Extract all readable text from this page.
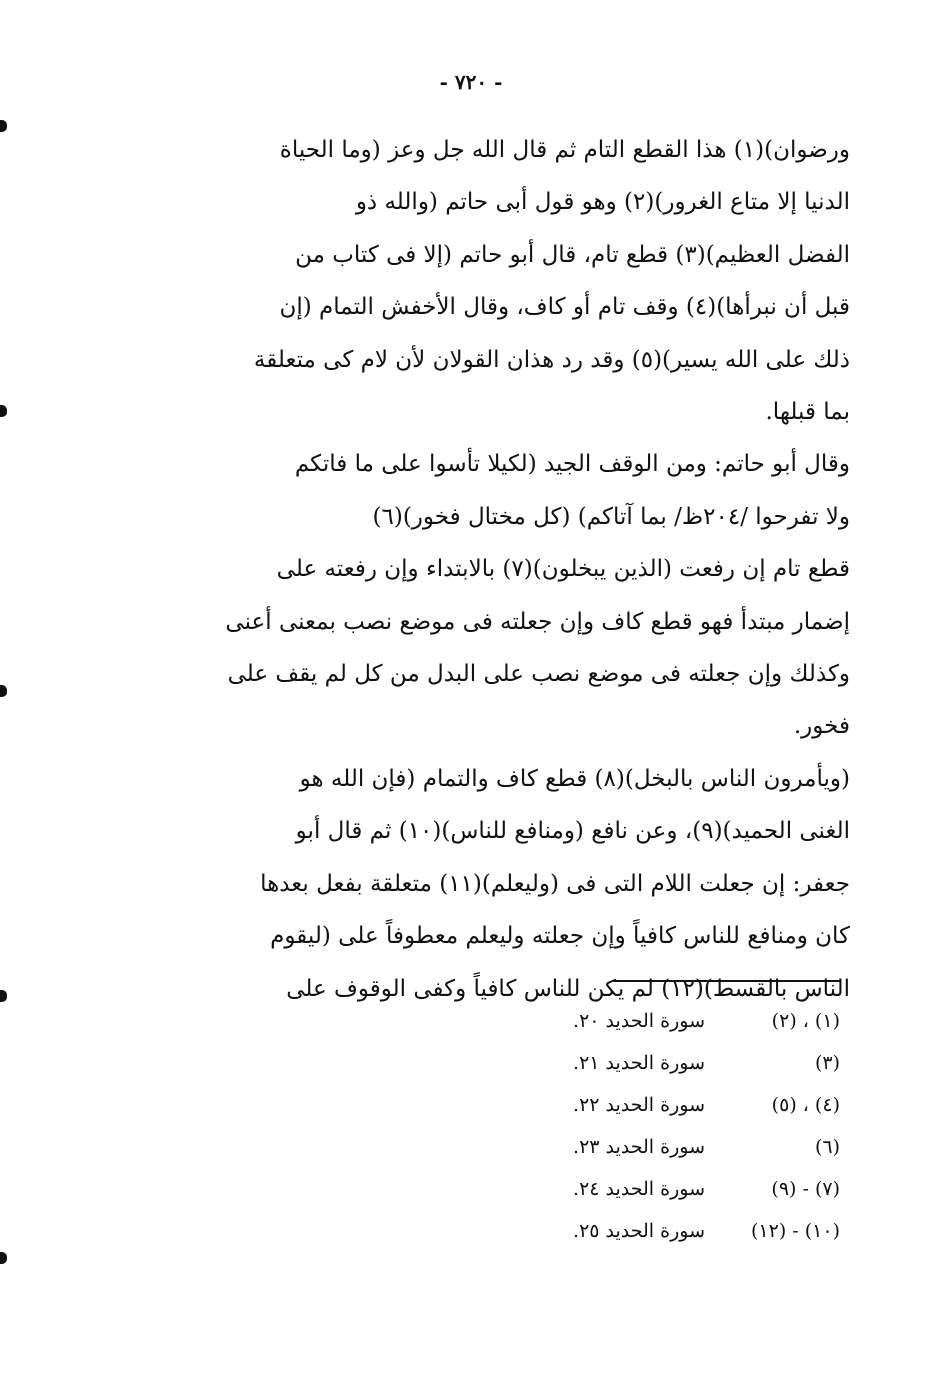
- ٧٢٠ -

ورضوان)(١) هذا القطع التام ثم قال الله جل وعز (وما الحياة
الدنيا إلا متاع الغرور)(٢) وهو قول أبى حاتم (والله ذو
الفضل العظيم)(٣) قطع تام، قال أبو حاتم (إلا فى كتاب من
قبل أن نبرأها)(٤) وقف تام أو كاف، وقال الأخفش التمام (إن
ذلك على الله يسير)(٥) وقد رد هذان القولان لأن لام كى متعلقة
بما قبلها.

وقال أبو حاتم: ومن الوقف الجيد (لكيلا تأسوا على ما فاتكم
ولا تفرحوا /٢٠٤ظ/ بما آتاكم) (كل مختال فخور)(٦)
قطع تام إن رفعت (الذين يبخلون)(٧) بالابتداء وإن رفعته على
إضمار مبتدأ فهو قطع كاف وإن جعلته فى موضع نصب بمعنى أعنى
وكذلك وإن جعلته فى موضع نصب على البدل من كل لم يقف على
فخور.

(ويأمرون الناس بالبخل)(٨) قطع كاف والتمام (فإن الله هو
الغنى الحميد)(٩)، وعن نافع (ومنافع للناس)(١٠) ثم قال أبو
جعفر: إن جعلت اللام التى فى (وليعلم)(١١) متعلقة بفعل بعدها
كان ومنافع للناس كافياً وإن جعلته وليعلم معطوفاً على (ليقوم
الناس بالقسط)(١٢) لم يكن للناس كافياً وكفى الوقوف على

(١) ، (٢)
سورة الحديد ٢٠.
(٣)
سورة الحديد ٢١.
(٤) ، (٥)
سورة الحديد ٢٢.
(٦)
سورة الحديد ٢٣.
(٧) - (٩)
سورة الحديد ٢٤.
(١٠) - (١٢)
سورة الحديد ٢٥.
